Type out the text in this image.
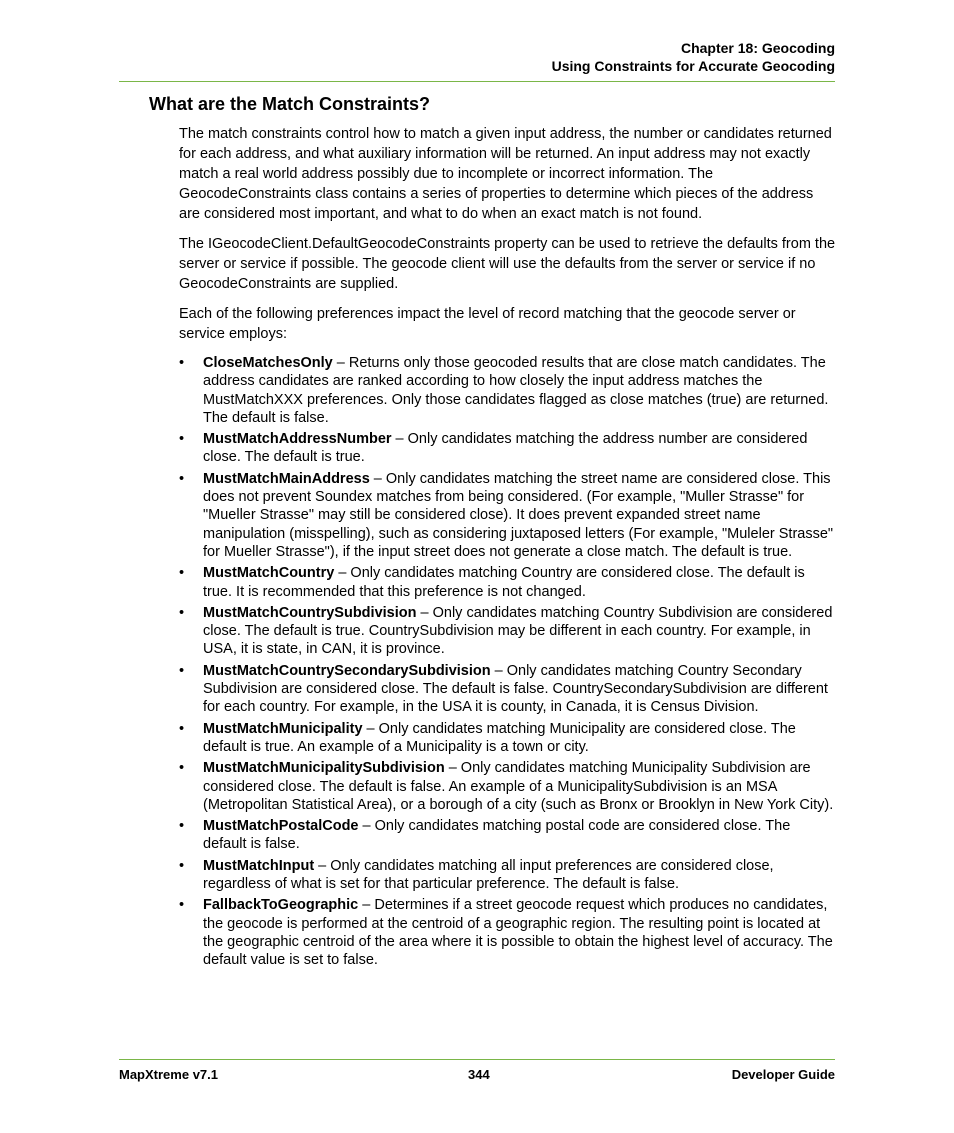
Chapter 18: Geocoding
Using Constraints for Accurate Geocoding
What are the Match Constraints?

The match constraints control how to match a given input address, the number or candidates returned for each address, and what auxiliary information will be returned. An input address may not exactly match a real world address possibly due to incomplete or incorrect information. The GeocodeConstraints class contains a series of properties to determine which pieces of the address are considered most important, and what to do when an exact match is not found.

The IGeocodeClient.DefaultGeocodeConstraints property can be used to retrieve the defaults from the server or service if possible. The geocode client will use the defaults from the server or service if no GeocodeConstraints are supplied.

Each of the following preferences impact the level of record matching that the geocode server or service employs:

• CloseMatchesOnly – Returns only those geocoded results that are close match candidates. The address candidates are ranked according to how closely the input address matches the MustMatchXXX preferences. Only those candidates flagged as close matches (true) are returned. The default is false.
• MustMatchAddressNumber – Only candidates matching the address number are considered close. The default is true.
• MustMatchMainAddress – Only candidates matching the street name are considered close. This does not prevent Soundex matches from being considered. (For example, "Muller Strasse" for "Mueller Strasse" may still be considered close). It does prevent expanded street name manipulation (misspelling), such as considering juxtaposed letters (For example, "Muleler Strasse" for Mueller Strasse"), if the input street does not generate a close match. The default is true.
• MustMatchCountry – Only candidates matching Country are considered close. The default is true. It is recommended that this preference is not changed.
• MustMatchCountrySubdivision – Only candidates matching Country Subdivision are considered close. The default is true. CountrySubdivision may be different in each country. For example, in USA, it is state, in CAN, it is province.
• MustMatchCountrySecondarySubdivision – Only candidates matching Country Secondary Subdivision are considered close. The default is false. CountrySecondarySubdivision are different for each country. For example, in the USA it is county, in Canada, it is Census Division.
• MustMatchMunicipality – Only candidates matching Municipality are considered close. The default is true. An example of a Municipality is a town or city.
• MustMatchMunicipalitySubdivision – Only candidates matching Municipality Subdivision are considered close. The default is false. An example of a MunicipalitySubdivision is an MSA (Metropolitan Statistical Area), or a borough of a city (such as Bronx or Brooklyn in New York City).
• MustMatchPostalCode – Only candidates matching postal code are considered close. The default is false.
• MustMatchInput – Only candidates matching all input preferences are considered close, regardless of what is set for that particular preference. The default is false.
• FallbackToGeographic – Determines if a street geocode request which produces no candidates, the geocode is performed at the centroid of a geographic region. The resulting point is located at the geographic centroid of the area where it is possible to obtain the highest level of accuracy. The default value is set to false.
MapXtreme v7.1	344	Developer Guide
